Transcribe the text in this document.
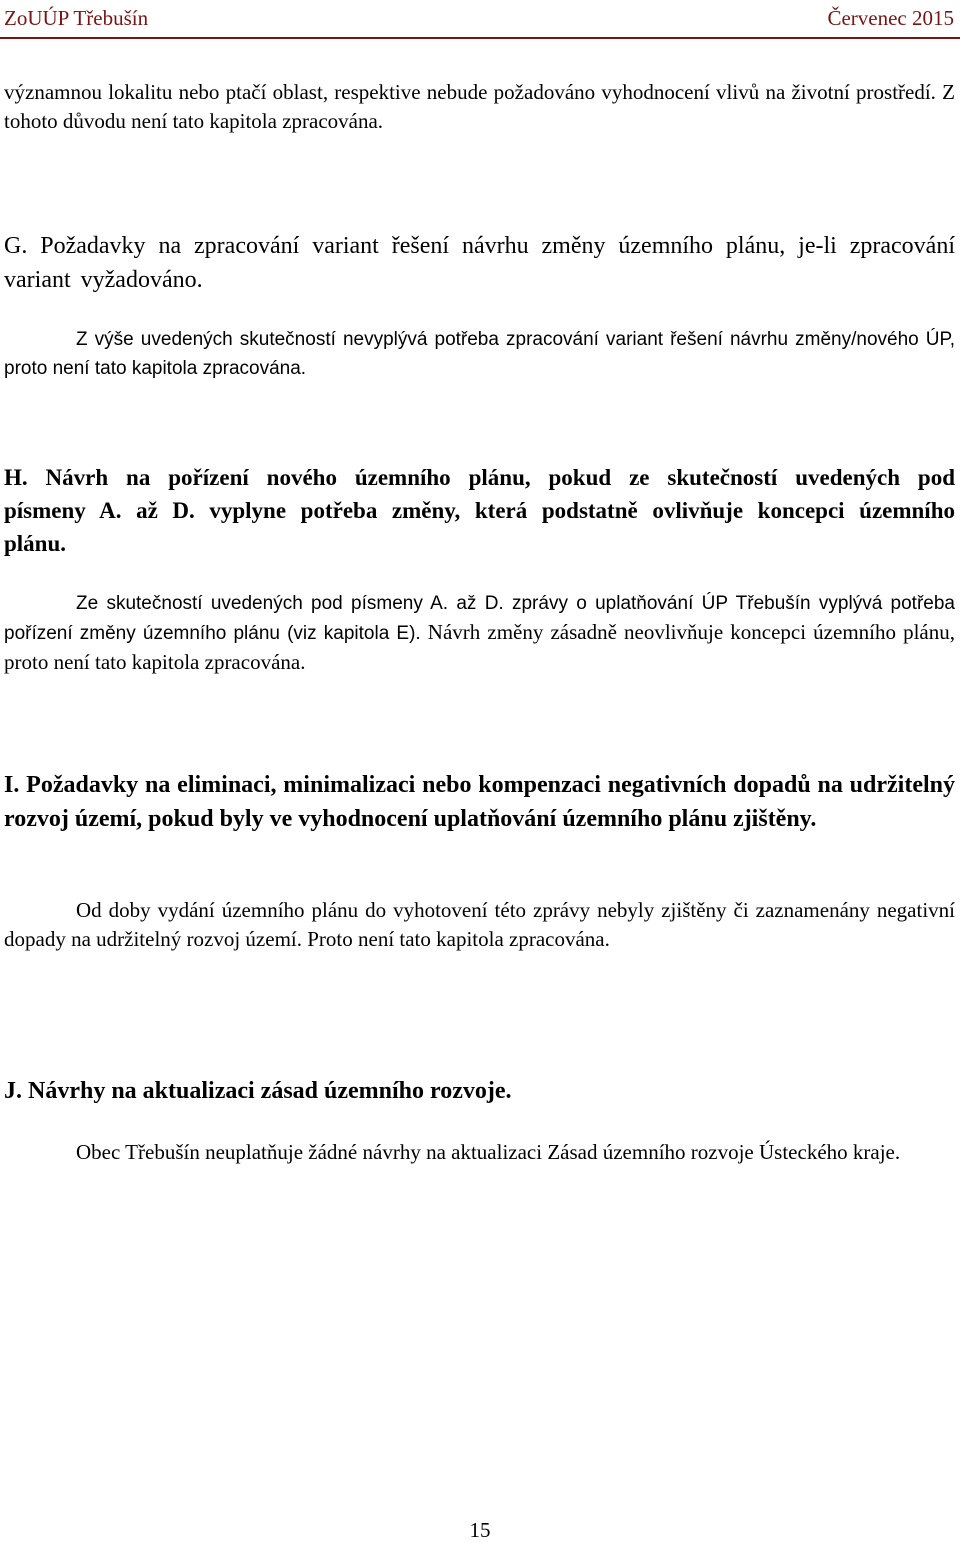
ZoUÚP Třebušín	Červenec 2015

významnou lokalitu nebo ptačí oblast, respektive nebude požadováno vyhodnocení vlivů na životní prostředí. Z tohoto důvodu není tato kapitola zpracována.

G. Požadavky na zpracování variant řešení návrhu změny územního plánu, je-li zpracování variant vyžadováno.

Z výše uvedených skutečností nevyplývá potřeba zpracování variant řešení návrhu změny/nového ÚP, proto není tato kapitola zpracována.

H. Návrh na pořízení nového územního plánu, pokud ze skutečností uvedených pod písmeny A. až D. vyplyne potřeba změny, která podstatně ovlivňuje koncepci územního plánu.

Ze skutečností uvedených pod písmeny A. až D. zprávy o uplatňování ÚP Třebušín vyplývá potřeba pořízení změny územního plánu (viz kapitola E). Návrh změny zásadně neovlivňuje koncepci územního plánu, proto není tato kapitola zpracována.

I. Požadavky na eliminaci, minimalizaci nebo kompenzaci negativních dopadů na udržitelný rozvoj území, pokud byly ve vyhodnocení uplatňování územního plánu zjištěny.

Od doby vydání územního plánu do vyhotovení této zprávy nebyly zjištěny či zaznamenány negativní dopady na udržitelný rozvoj území. Proto není tato kapitola zpracována.

J. Návrhy na aktualizaci zásad územního rozvoje.

Obec Třebušín neuplatňuje žádné návrhy na aktualizaci Zásad územního rozvoje Ústeckého kraje.

15
